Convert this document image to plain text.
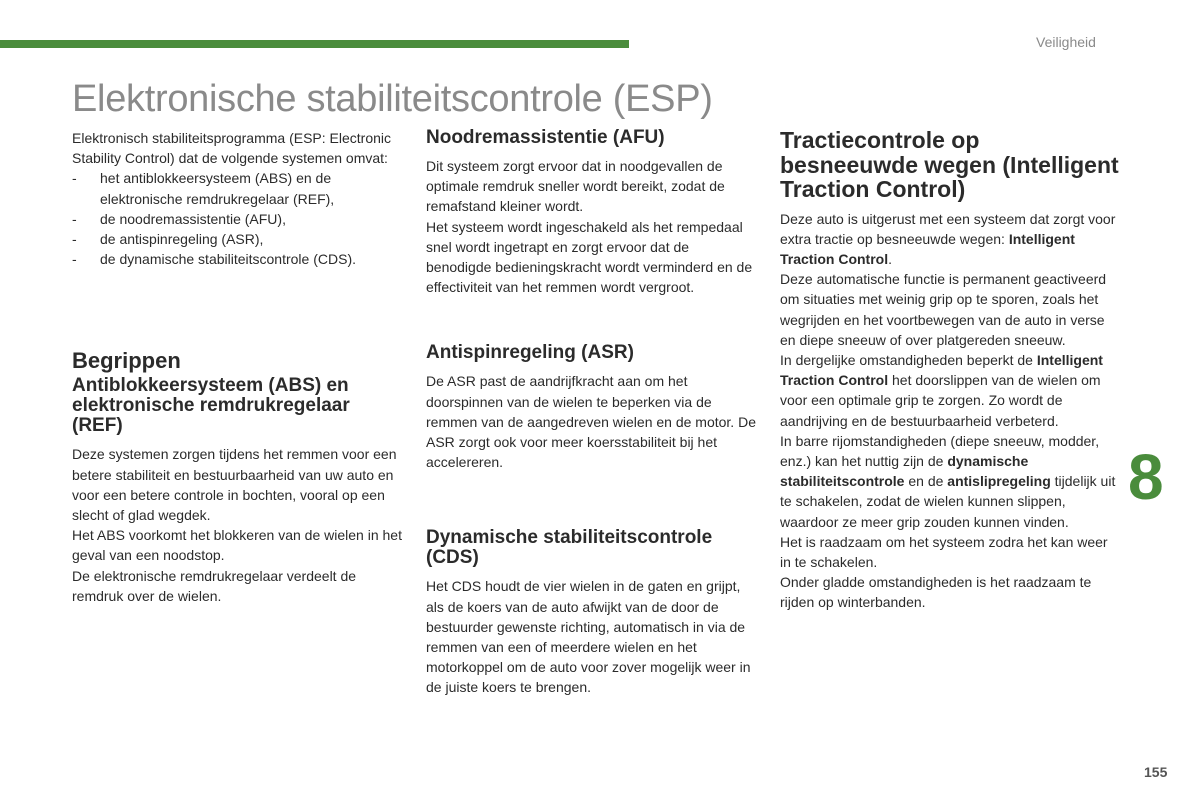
Veiligheid
Elektronische stabiliteitscontrole (ESP)

Elektronisch stabiliteitsprogramma (ESP: Electronic Stability Control) dat de volgende systemen omvat:

- het antiblokkeersysteem (ABS) en de elektronische remdrukregelaar (REF),
- de noodremassistentie (AFU),
- de antispinregeling (ASR),
- de dynamische stabiliteitscontrole (CDS).
Begrippen
Antiblokkeersysteem (ABS) en elektronische remdrukregelaar (REF)

Deze systemen zorgen tijdens het remmen voor een betere stabiliteit en bestuurbaarheid van uw auto en voor een betere controle in bochten, vooral op een slecht of glad wegdek.
Het ABS voorkomt het blokkeren van de wielen in het geval van een noodstop.
De elektronische remdrukregelaar verdeelt de remdruk over de wielen.

Noodremassistentie (AFU)

Dit systeem zorgt ervoor dat in noodgevallen de optimale remdruk sneller wordt bereikt, zodat de remafstand kleiner wordt.
Het systeem wordt ingeschakeld als het rempedaal snel wordt ingetrapt en zorgt ervoor dat de benodigde bedieningskracht wordt verminderd en de effectiviteit van het remmen wordt vergroot.

Antispinregeling (ASR)

De ASR past de aandrijfkracht aan om het doorspinnen van de wielen te beperken via de remmen van de aangedreven wielen en de motor. De ASR zorgt ook voor meer koersstabiliteit bij het accelereren.

Dynamische stabiliteitscontrole (CDS)

Het CDS houdt de vier wielen in de gaten en grijpt, als de koers van de auto afwijkt van de door de bestuurder gewenste richting, automatisch in via de remmen van een of meerdere wielen en het motorkoppel om de auto voor zover mogelijk weer in de juiste koers te brengen.

Tractiecontrole op besneeuwde wegen (Intelligent Traction Control)

Deze auto is uitgerust met een systeem dat zorgt voor extra tractie op besneeuwde wegen: Intelligent Traction Control.

Deze automatische functie is permanent geactiveerd om situaties met weinig grip op te sporen, zoals het wegrijden en het voortbewegen van de auto in verse en diepe sneeuw of over platgereden sneeuw.

In dergelijke omstandigheden beperkt de Intelligent Traction Control het doorslippen van de wielen om voor een optimale grip te zorgen. Zo wordt de aandrijving en de bestuurbaarheid verbeterd.

In barre rijomstandigheden (diepe sneeuw, modder, enz.) kan het nuttig zijn de dynamische stabiliteitscontrole en de antislipregeling tijdelijk uit te schakelen, zodat de wielen kunnen slippen, waardoor ze meer grip zouden kunnen vinden.

Het is raadzaam om het systeem zodra het kan weer in te schakelen.

Onder gladde omstandigheden is het raadzaam te rijden op winterbanden.

8
155
